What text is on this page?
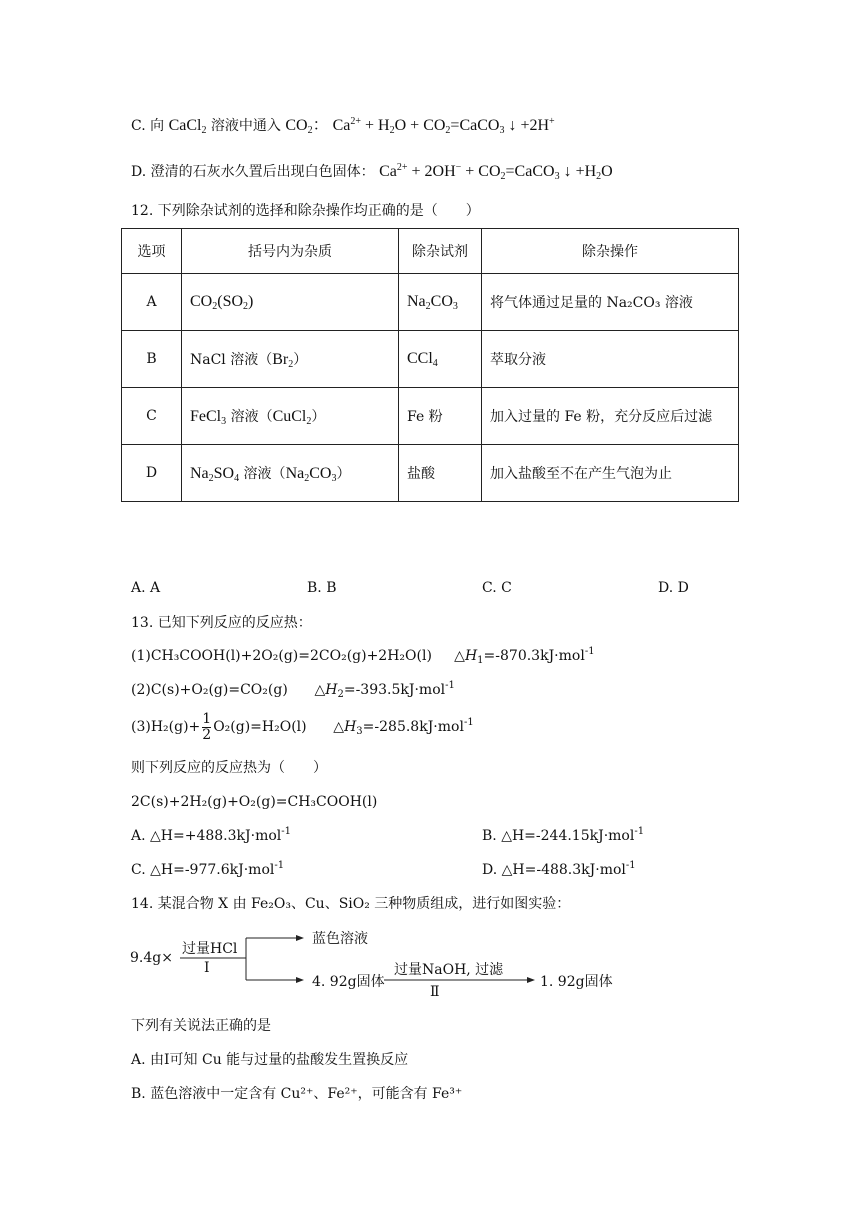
C. 向 CaCl$_2$ 溶液中通入 $CO_2$： $Ca^{2+} + H_2O$ + $CO_2=CaCO_3$ ↓ +2H+
D. 澄清的石灰水久置后出现白色固体： $Ca^{2+} + 2OH^-$ + $CO_2=CaCO_3$ ↓ $+H_2O$
12. 下列除杂试剂的选择和除杂操作均正确的是（　　）
选项	括号内为杂质	除杂试剂	除杂操作
A	$CO_2(SO_2)$	$Na_2CO_3$	将气体通过足量的 Na₂CO₃ 溶液
B	NaCl 溶液$(Br_2)$	CCl$_4$	萃取分液
C	FeCl$_3$ 溶液（CuCl$_2$）	Fe 粉	加入过量的 Fe 粉，充分反应后过滤
D	$Na_2SO_4$ 溶液$(Na_2CO_3)$	盐酸	加入盐酸至不在产生气泡为止
A. A	B. B	C. C	D. D
13. 已知下列反应的反应热：
(1)CH₃COOH(l)+2O₂(g)=2CO₂(g)+2H₂O(l)     $\triangle H_1=-870.3kJ\cdot mol^{-1}$
(2)C(s)+O₂(g)=CO₂(g)      $\triangle H_2=-393.5kJ\cdot mol^{-1}$
$(3)H_2(g)+ \frac{1}{2} O_2(g)=H_2O(l)$      $\triangle H_3=-285.8kJ\cdot mol^{-1}$
则下列反应的反应热为（　　）
2C(s)+2H₂(g)+O₂(g)=CH₃COOH(l)
A. △H=+488.3kJ·mol$^{-1}$	B. △H=-244.15kJ·mol$^{-1}$
C. △H=-977.6kJ·mol$^{-1}$	D. △H=-488.3kJ·mol$^{-1}$
14. 某混合物 X 由 Fe₂O₃、Cu、SiO₂ 三种物质组成，进行如图实验：
9.4g×
过量HCl
Ⅰ
蓝色溶液
4. 92g固体
过量NaOH, 过滤
Ⅱ
1. 92g固体
下列有关说法正确的是
A. 由Ⅰ可知 Cu 能与过量的盐酸发生置换反应
B. 蓝色溶液中一定含有 Cu²⁺、Fe²⁺，可能含有 Fe³⁺
